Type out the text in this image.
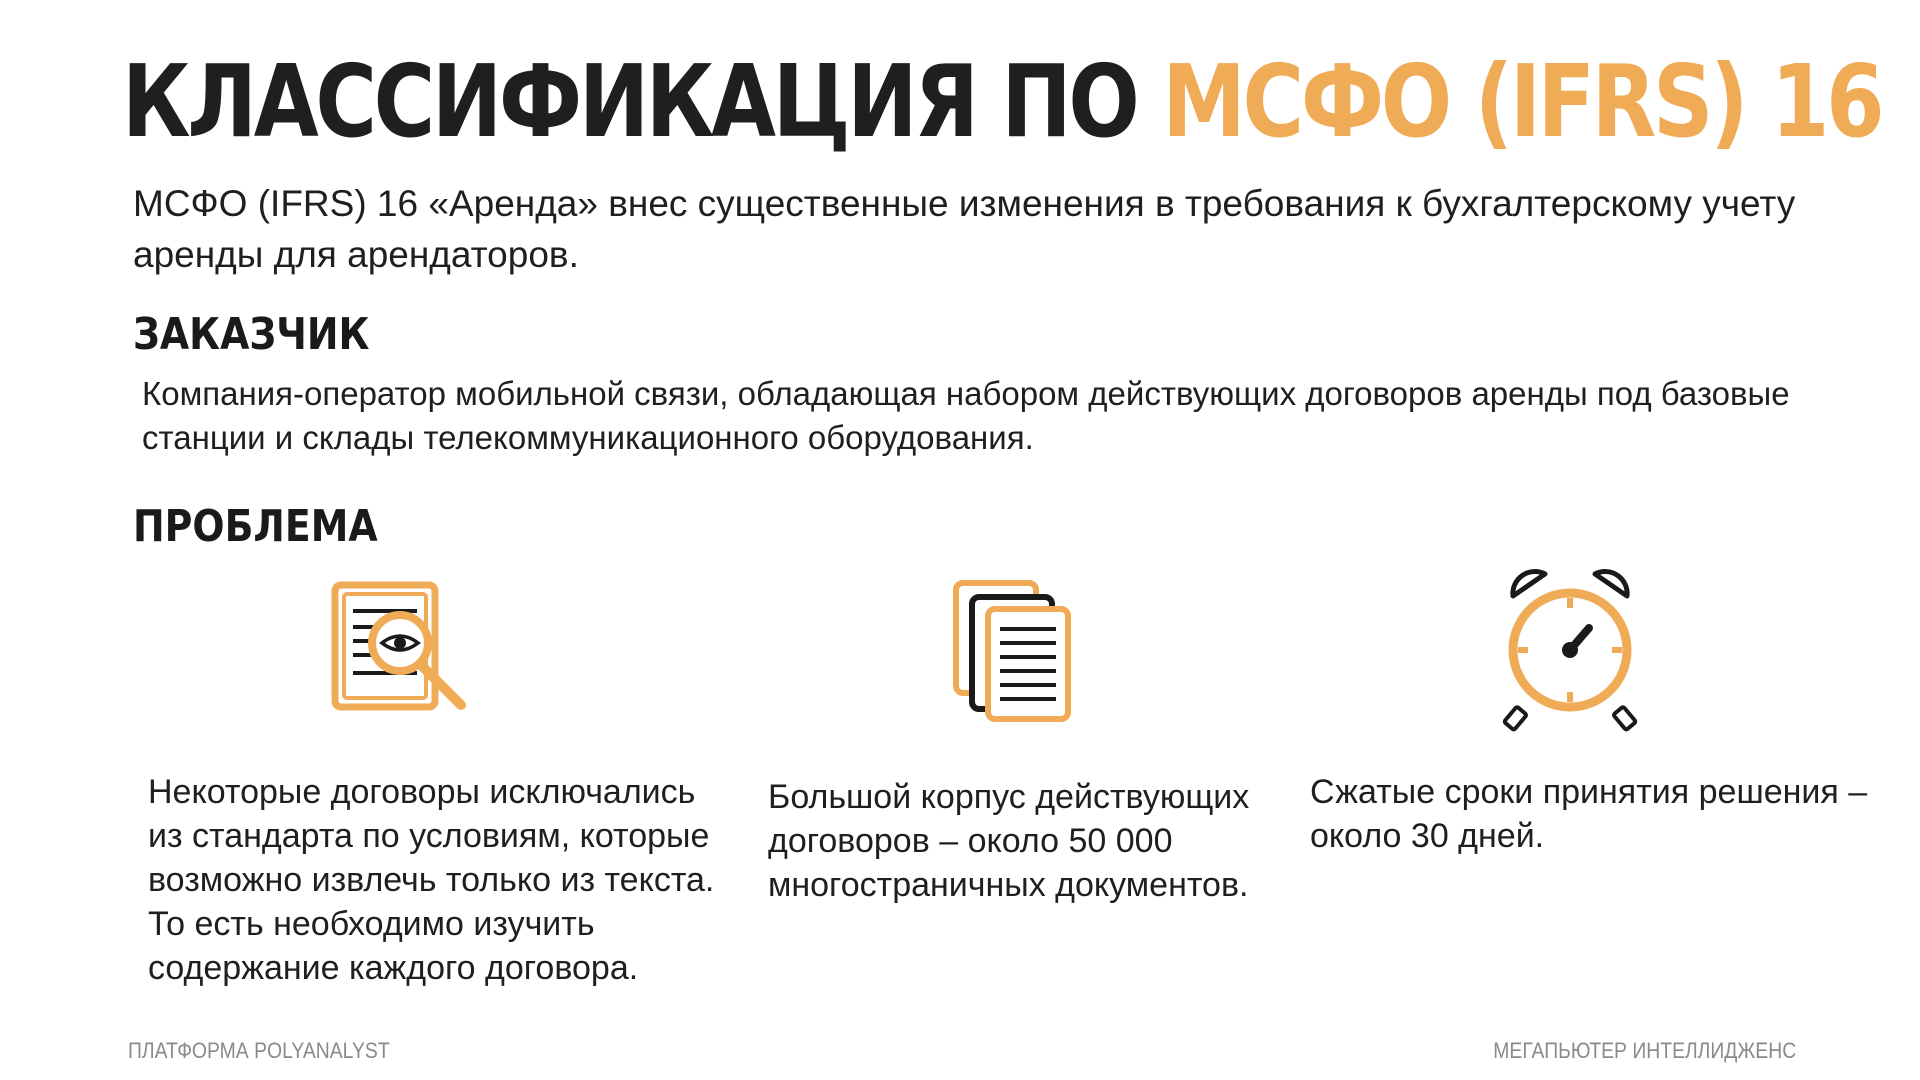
КЛАССИФИКАЦИЯ ПО МСФО (IFRS) 16

МСФО (IFRS) 16 «Аренда» внес существенные изменения в требования к бухгалтерскому учету аренды для арендаторов.

ЗАКАЗЧИК

Компания-оператор мобильной связи, обладающая набором действующих договоров аренды под базовые станции и склады телекоммуникационного оборудования.

ПРОБЛЕМА

Некоторые договоры исключались из стандарта по условиям, которые возможно извлечь только из текста. То есть необходимо изучить содержание каждого договора.

Большой корпус действующих договоров – около 50 000 многостраничных документов.

Сжатые сроки принятия решения – около 30 дней.

ПЛАТФОРМА POLYANALYST	МЕГАПЬЮТЕР ИНТЕЛЛИДЖЕНС
